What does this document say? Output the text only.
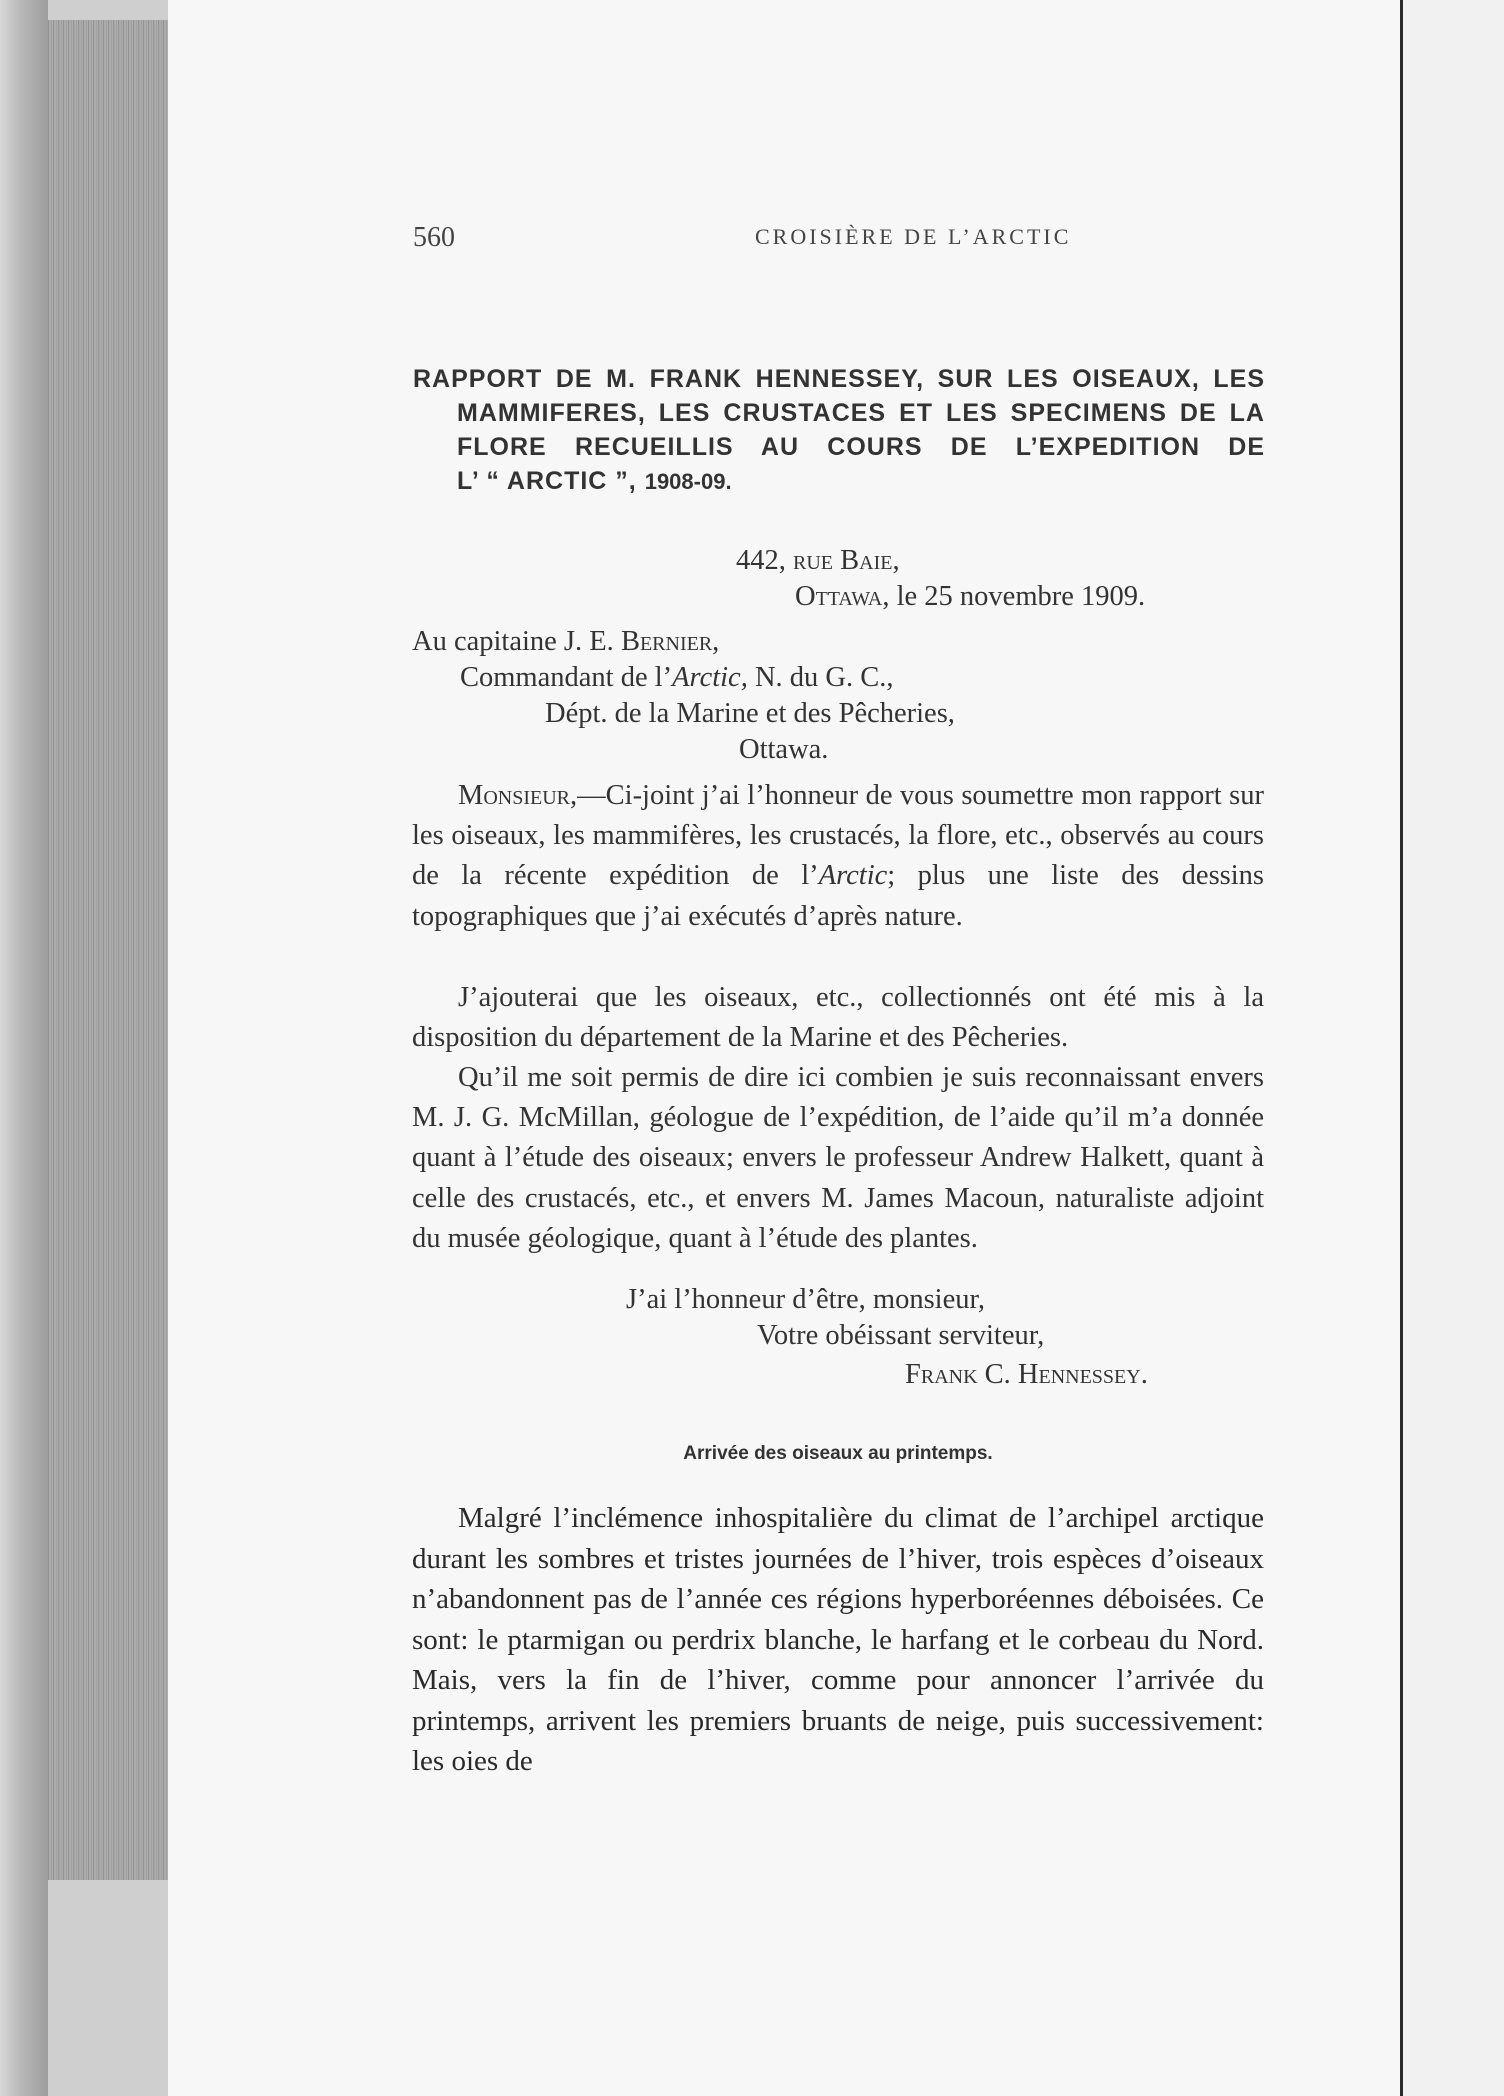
560	CROISIÈRE DE L’ARCTIC
RAPPORT DE M. FRANK HENNESSEY, SUR LES OISEAUX, LES
MAMMIFERES, LES CRUSTACES ET LES SPECIMENS DE LA
FLORE RECUEILLIS AU COURS DE L’EXPEDITION DE
L’ “ ARCTIC ”, 1908-09.
442, rue Baie,
Ottawa, le 25 novembre 1909.
Au capitaine J. E. Bernier,
Commandant de l’Arctic, N. du G. C.,
Dépt. de la Marine et des Pêcheries,
Ottawa.
Monsieur,—Ci-joint j’ai l’honneur de vous soumettre mon rapport sur les oiseaux, les mammifères, les crustacés, la flore, etc., observés au cours de la récente expédition de l’Arctic; plus une liste des dessins topographiques que j’ai exécutés d’après nature.
J’ajouterai que les oiseaux, etc., collectionnés ont été mis à la disposition du département de la Marine et des Pêcheries.
Qu’il me soit permis de dire ici combien je suis reconnaissant envers M. J. G. McMillan, géologue de l’expédition, de l’aide qu’il m’a donnée quant à l’étude des oiseaux; envers le professeur Andrew Halkett, quant à celle des crustacés, etc., et envers M. James Macoun, naturaliste adjoint du musée géologique, quant à l’étude des plantes.
J’ai l’honneur d’être, monsieur,
Votre obéissant serviteur,
Frank C. Hennessey.
Arrivée des oiseaux au printemps.
Malgré l’inclémence inhospitalière du climat de l’archipel arctique durant les sombres et tristes journées de l’hiver, trois espèces d’oiseaux n’abandonnent pas de l’année ces régions hyperboréennes déboisées. Ce sont: le ptarmigan ou perdrix blanche, le harfang et le corbeau du Nord. Mais, vers la fin de l’hiver, comme pour annoncer l’arrivée du printemps, arrivent les premiers bruants de neige, puis successivement: les oies de
